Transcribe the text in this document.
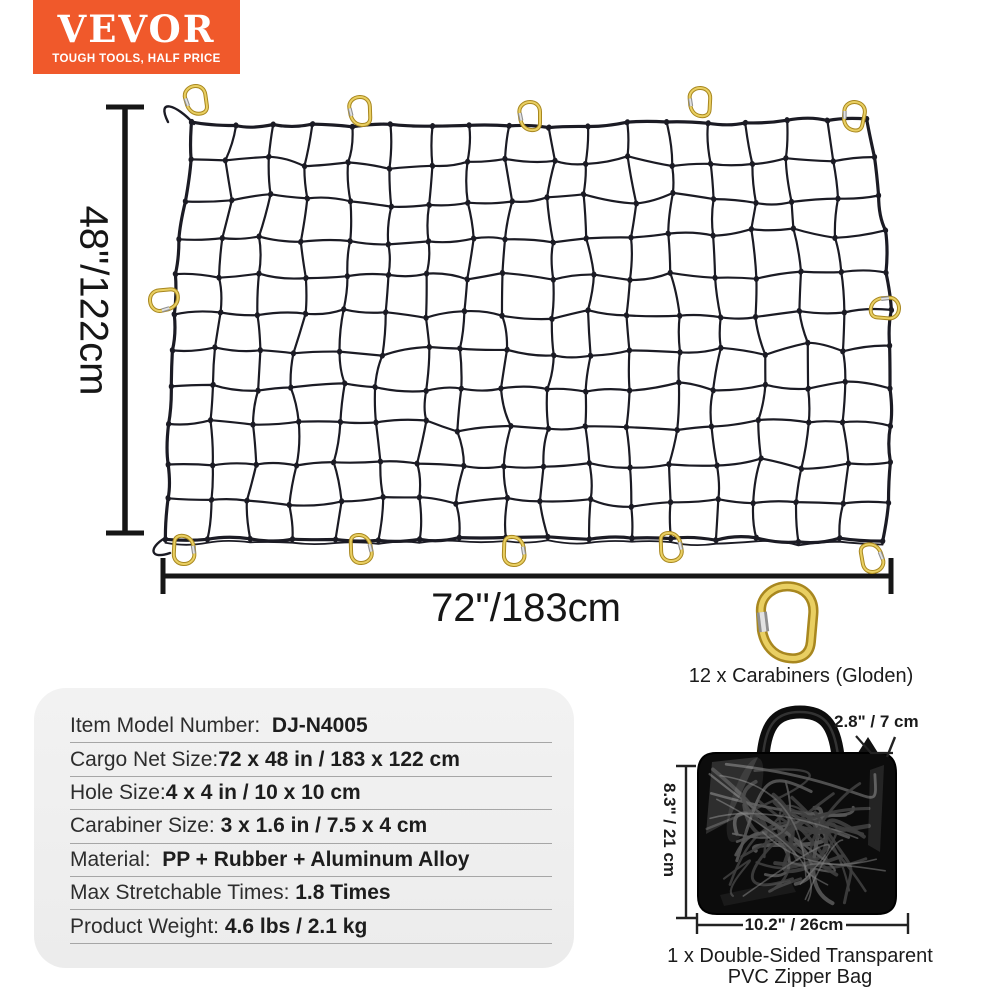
VEVOR
TOUGH TOOLS, HALF PRICE
48"/122cm
72"/183cm
12 x Carabiners (Gloden)
2.8" / 7 cm
8.3" / 21 cm
10.2" / 26cm
1 x Double-Sided Transparent
PVC Zipper Bag
Item Model Number: DJ-N4005
Cargo Net Size: 72 x 48 in / 183 x 122 cm
Hole Size: 4 x 4 in / 10 x 10 cm
Carabiner Size: 3 x 1.6 in / 7.5 x 4 cm
Material: PP + Rubber + Aluminum Alloy
Max Stretchable Times: 1.8 Times
Product Weight: 4.6 lbs / 2.1 kg
